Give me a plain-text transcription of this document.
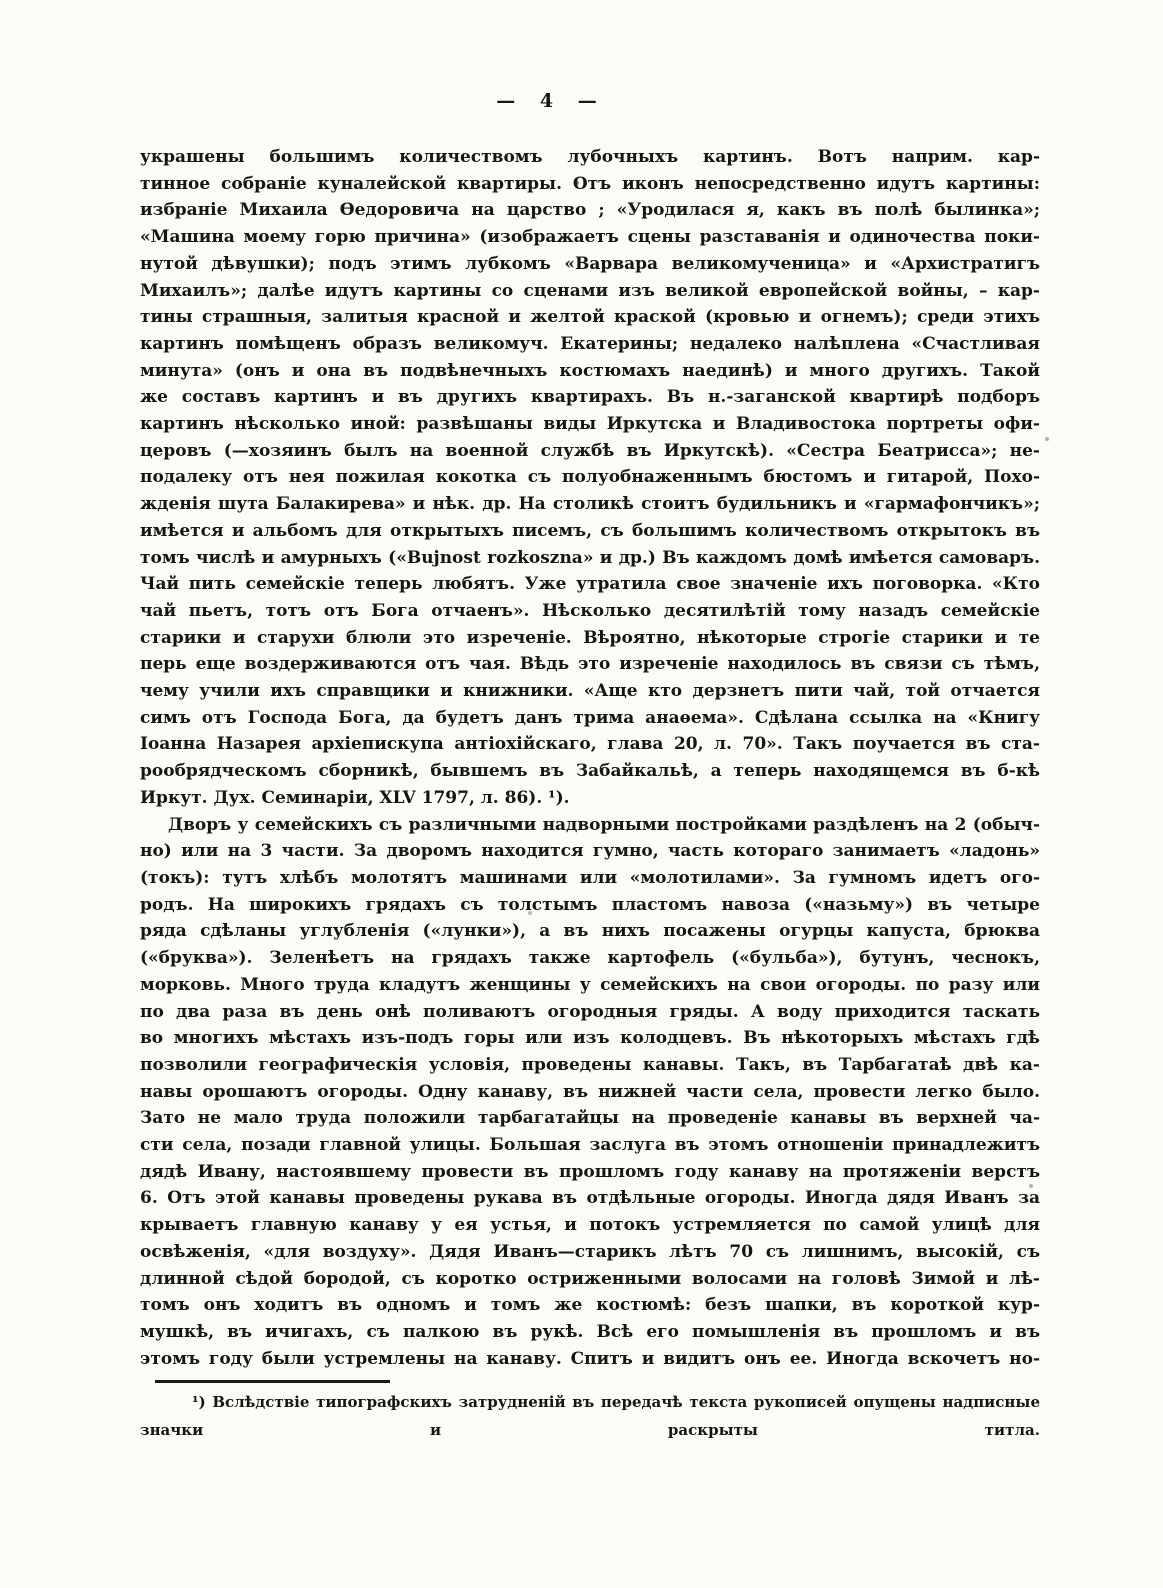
— 4 —
украшены большимъ количествомъ лубочныхъ картинъ. Вотъ наприм. кар-
тинное собраніе куналейской квартиры. Отъ иконъ непосредственно идутъ картины:
избраніе Михаила Ѳедоровича на царство ; «Уродилася я, какъ въ полѣ былинка»;
«Машина моему горю причина» (изображаетъ сцены разставанія и одиночества поки-
нутой дѣвушки); подъ этимъ лубкомъ «Варвара великомученица» и «Архистратигъ
Михаилъ»; далѣе идутъ картины со сценами изъ великой европейской войны, – кар-
тины страшныя, залитыя красной и желтой краской (кровью и огнемъ); среди этихъ
картинъ помѣщенъ образъ великомуч. Екатерины; недалеко налѣплена «Счастливая
минута» (онъ и она въ подвѣнечныхъ костюмахъ наединѣ) и много другихъ. Такой
же составъ картинъ и въ другихъ квартирахъ. Въ н.-заганской квартирѣ подборъ
картинъ нѣсколько иной: развѣшаны виды Иркутска и Владивостока портреты офи-
церовъ (—хозяинъ былъ на военной службѣ въ Иркутскѣ). «Сестра Беатрисса»; не-
подалеку отъ нея пожилая кокотка съ полуобнаженнымъ бюстомъ и гитарой, Похо-
жденія шута Балакирева» и нѣк. др. На столикѣ стоитъ будильникъ и «гармафончикъ»;
имѣется и альбомъ для открытыхъ писемъ, съ большимъ количествомъ открытокъ въ
томъ числѣ и амурныхъ («Bujnost rozkoszna» и др.) Въ каждомъ домѣ имѣется самоваръ.
Чай пить семейскіе теперь любятъ. Уже утратила свое значеніе ихъ поговорка. «Кто
чай пьетъ, тотъ отъ Бога отчаенъ». Нѣсколько десятилѣтій тому назадъ семейскіе
старики и старухи блюли это изреченіе. Вѣроятно, нѣкоторые строгіе старики и те
перь еще воздерживаются отъ чая. Вѣдь это изреченіе находилось въ связи съ тѣмъ,
чему учили ихъ справщики и книжники. «Аще кто дерзнетъ пити чай, той отчается
симъ отъ Господа Бога, да будетъ данъ трима анаѳема». Сдѣлана ссылка на «Книгу
Іоанна Назарея архіепискупа антіохійскаго, глава 20, л. 70». Такъ поучается въ ста-
рообрядческомъ сборникѣ, бывшемъ въ Забайкальѣ, а теперь находящемся въ б-кѣ
Иркут. Дух. Семинаріи, XLV 1797, л. 86). ¹).
Дворъ у семейскихъ съ различными надворными постройками раздѣленъ на 2 (обыч-
но) или на 3 части. За дворомъ находится гумно, часть котораго занимаетъ «ладонь»
(токъ): тутъ хлѣбъ молотятъ машинами или «молотилами». За гумномъ идетъ ого-
родъ. На широкихъ грядахъ съ толстымъ пластомъ навоза («назьму») въ четыре
ряда сдѣланы углубленія («лунки»), а въ нихъ посажены огурцы капуста, брюква
(«бруква»). Зеленѣетъ на грядахъ также картофель («бульба»), бутунъ, чеснокъ,
морковь. Много труда кладутъ женщины у семейскихъ на свои огороды. по разу или
по два раза въ день онѣ поливаютъ огородныя гряды. А воду приходится таскать
во многихъ мѣстахъ изъ-подъ горы или изъ колодцевъ. Въ нѣкоторыхъ мѣстахъ гдѣ
позволили географическія условія, проведены канавы. Такъ, въ Тарбагатаѣ двѣ ка-
навы орошаютъ огороды. Одну канаву, въ нижней части села, провести легко было.
Зато не мало труда положили тарбагатайцы на проведеніе канавы въ верхней ча-
сти села, позади главной улицы. Большая заслуга въ этомъ отношеніи принадлежитъ
дядѣ Ивану, настоявшему провести въ прошломъ году канаву на протяженіи верстъ
6. Отъ этой канавы проведены рукава въ отдѣльные огороды. Иногда дядя Иванъ за
крываетъ главную канаву у ея устья, и потокъ устремляется по самой улицѣ для
освѣженія, «для воздуху». Дядя Иванъ—старикъ лѣтъ 70 съ лишнимъ, высокій, съ
длинной сѣдой бородой, съ коротко остриженными волосами на головѣ Зимой и лѣ-
томъ онъ ходитъ въ одномъ и томъ же костюмѣ: безъ шапки, въ короткой кур-
мушкѣ, въ ичигахъ, съ палкою въ рукѣ. Всѣ его помышленія въ прошломъ и въ
этомъ году были устремлены на канаву. Спитъ и видитъ онъ ее. Иногда вскочетъ но-
¹) Вслѣдствіе типографскихъ затрудненій въ передачѣ текста рукописей опущены надписные
значки и раскрыты титла.
